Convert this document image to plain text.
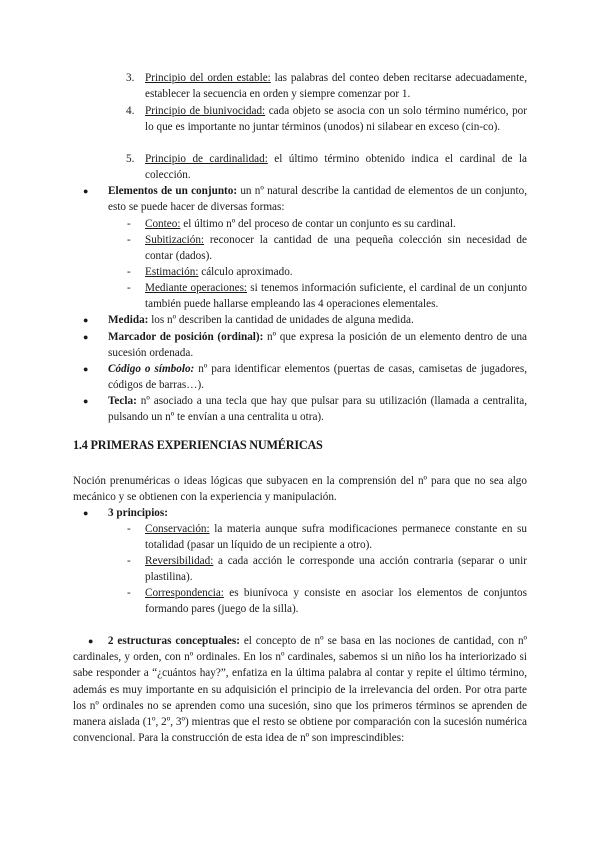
3. Principio del orden estable: las palabras del conteo deben recitarse adecuadamente, establecer la secuencia en orden y siempre comenzar por 1.
4. Principio de biunivocidad: cada objeto se asocia con un solo término numérico, por lo que es importante no juntar términos (unodos) ni silabear en exceso (cin-co).
5. Principio de cardinalidad: el último término obtenido indica el cardinal de la colección.
●	Elementos de un conjunto: un nº natural describe la cantidad de elementos de un conjunto, esto se puede hacer de diversas formas:
-	Conteo: el último nº del proceso de contar un conjunto es su cardinal.
-	Subitización: reconocer la cantidad de una pequeña colección sin necesidad de contar (dados).
-	Estimación: cálculo aproximado.
-	Mediante operaciones: si tenemos información suficiente, el cardinal de un conjunto también puede hallarse empleando las 4 operaciones elementales.
●	Medida: los nº describen la cantidad de unidades de alguna medida.
●	Marcador de posición (ordinal): nº que expresa la posición de un elemento dentro de una sucesión ordenada.
●	Código o símbolo: nº para identificar elementos (puertas de casas, camisetas de jugadores, códigos de barras…).
●	Tecla: nº asociado a una tecla que hay que pulsar para su utilización (llamada a centralita, pulsando un nº te envían a una centralita u otra).
1.4 PRIMERAS EXPERIENCIAS NUMÉRICAS
Noción prenuméricas o ideas lógicas que subyacen en la comprensión del nº para que no sea algo mecánico y se obtienen con la experiencia y manipulación.
●	3 principios:
-	Conservación: la materia aunque sufra modificaciones permanece constante en su totalidad (pasar un líquido de un recipiente a otro).
-	Reversibilidad: a cada acción le corresponde una acción contraria (separar o unir plastilina).
-	Correspondencia: es biunívoca y consiste en asociar los elementos de conjuntos formando pares (juego de la silla).
● 2 estructuras conceptuales: el concepto de nº se basa en las nociones de cantidad, con nº cardinales, y orden, con nº ordinales. En los nº cardinales, sabemos si un niño los ha interiorizado si sabe responder a “¿cuántos hay?”, enfatiza en la última palabra al contar y repite el último término, además es muy importante en su adquisición el principio de la irrelevancia del orden. Por otra parte los nº ordinales no se aprenden como una sucesión, sino que los primeros términos se aprenden de manera aislada (1º, 2º, 3º) mientras que el resto se obtiene por comparación con la sucesión numérica convencional. Para la construcción de esta idea de nº son imprescindibles:
